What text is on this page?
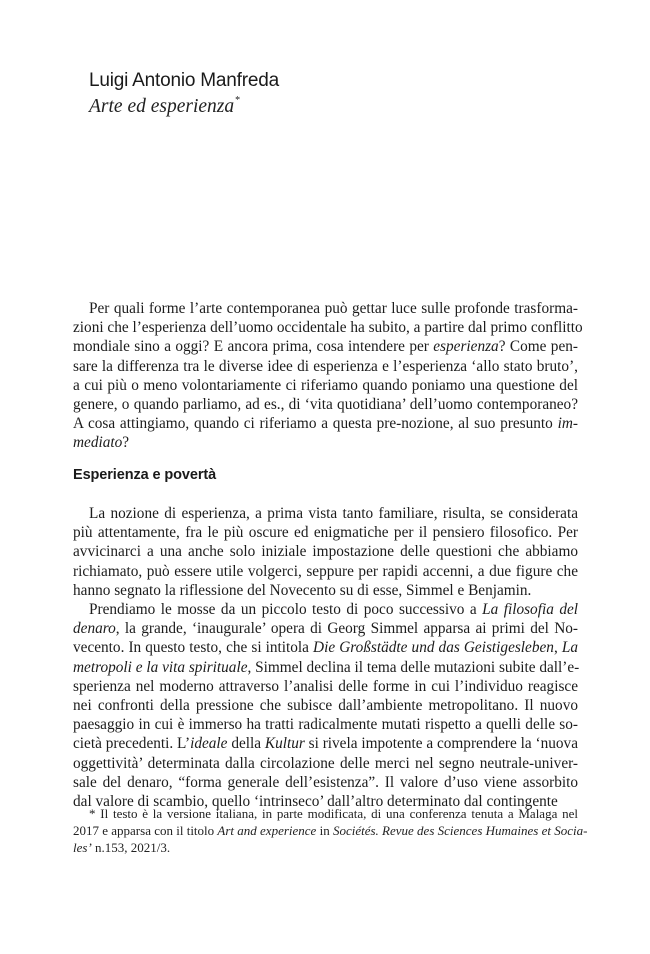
Luigi Antonio Manfreda
Arte ed esperienza*

Per quali forme l’arte contemporanea può gettar luce sulle profonde trasforma-
zioni che l’esperienza dell’uomo occidentale ha subito, a partire dal primo conflitto
mondiale sino a oggi? E ancora prima, cosa intendere per esperienza? Come pen-
sare la differenza tra le diverse idee di esperienza e l’esperienza ‘allo stato bruto’,
a cui più o meno volontariamente ci riferiamo quando poniamo una questione del
genere, o quando parliamo, ad es., di ‘vita quotidiana’ dell’uomo contemporaneo?
A cosa attingiamo, quando ci riferiamo a questa pre-nozione, al suo presunto im-
mediato?

Esperienza e povertà

La nozione di esperienza, a prima vista tanto familiare, risulta, se considerata
più attentamente, fra le più oscure ed enigmatiche per il pensiero filosofico. Per
avvicinarci a una anche solo iniziale impostazione delle questioni che abbiamo
richiamato, può essere utile volgerci, seppure per rapidi accenni, a due figure che
hanno segnato la riflessione del Novecento su di esse, Simmel e Benjamin.

Prendiamo le mosse da un piccolo testo di poco successivo a La filosofia del
denaro, la grande, ‘inaugurale’ opera di Georg Simmel apparsa ai primi del No-
vecento. In questo testo, che si intitola Die Großstädte und das Geistigesleben, La
metropoli e la vita spirituale, Simmel declina il tema delle mutazioni subite dall’e-
sperienza nel moderno attraverso l’analisi delle forme in cui l’individuo reagisce
nei confronti della pressione che subisce dall’ambiente metropolitano. Il nuovo
paesaggio in cui è immerso ha tratti radicalmente mutati rispetto a quelli delle so-
cietà precedenti. L’ideale della Kultur si rivela impotente a comprendere la ‘nuova
oggettività’ determinata dalla circolazione delle merci nel segno neutrale-univer-
sale del denaro, “forma generale dell’esistenza”. Il valore d’uso viene assorbito
dal valore di scambio, quello ‘intrinseco’ dall’altro determinato dal contingente

* Il testo è la versione italiana, in parte modificata, di una conferenza tenuta a Malaga nel
2017 e apparsa con il titolo Art and experience in Sociétés. Revue des Sciences Humaines et Socia-
les’ n.153, 2021/3.
